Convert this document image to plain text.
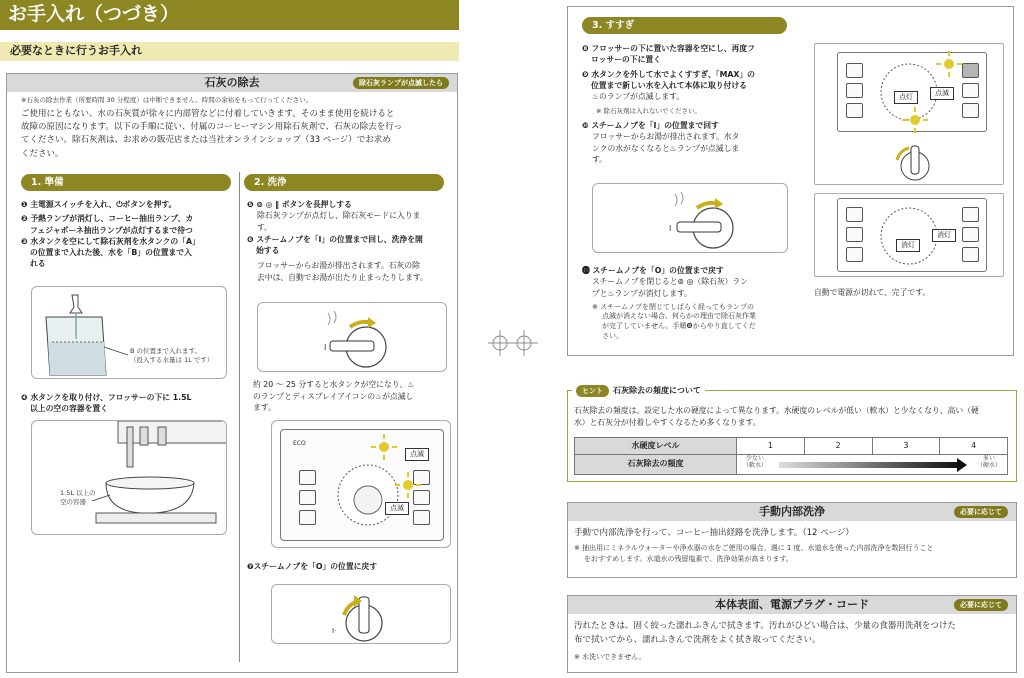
お手入れ（つづき）
必要なときに行うお手入れ
石灰の除去	除石灰ランプが点滅したら
※石灰の除去作業（所要時間 30 分程度）は中断できません。時間の余裕をもって行ってください。
ご使用にともない、水の石灰質が徐々に内部管などに付着していきます。そのまま使用を続けると
故障の原因になります。以下の手順に従い、付属のコーヒーマシン用除石灰剤で、石灰の除去を行っ
てください。除石灰剤は、お求めの販売店または当社オンラインショップ（33 ページ）でお求め
ください。
1. 準備
❶ 主電源スイッチを入れ、⏻ボタンを押す。
❷ 予熱ランプが消灯し、コーヒー抽出ランプ、カ
フェジャポーネ抽出ランプが点灯するまで待つ
❸ 水タンクを空にして除石灰剤を水タンクの「A」
の位置まで入れた後、水を「B」の位置まで入
れる
B の位置まで入れます。
（投入する水量は 1L です）
❹ 水タンクを取り付け、フロッサーの下に 1.5L
以上の空の容器を置く
1.5L 以上の
空の容器
2. 洗浄
❺ ⊚ ◎ ‖ ボタンを長押しする
除石灰ランプが点灯し、除石灰モードに入りま
す。
❻ スチームノブを「I」の位置まで回し、洗浄を開
始する
フロッサーからお湯が排出されます。石灰の除
去中は、自動でお湯が出たり止まったりします。
I
約 20 ～ 25 分すると水タンクが空になり、♨
のランプとディスプレイアイコンの♨が点滅し
ます。
ECO
点滅
点滅
❼スチームノブを「O」の位置に戻す
I·
3. すすぎ
❽ フロッサーの下に置いた容器を空にし、再度フ
ロッサーの下に置く
❾ 水タンクを外して水でよくすすぎ、「MAX」の
位置まで新しい水を入れて本体に取り付ける
♨のランプが点滅します。
※ 除石灰剤は入れないでください。
❿ スチームノブを「I」の位置まで回す
フロッサーからお湯が排出されます。水タ
ンクの水がなくなると♨ランプが点滅しま
す。
I
⓫ スチームノブを「O」の位置まで戻す
スチームノブを閉じると⊚ ◎（除石灰）ラン
プと♨ランプが消灯します。
※ スチームノブを閉じてしばらく経ってもランプの
点滅が消えない場合、何らかの理由で除石灰作業
が完了していません。手順❽からやり直してくだ
さい。
点灯	点滅
消灯
消灯
自動で電源が切れて、完了です。
ヒント	石灰除去の頻度について
石灰除去の頻度は、設定した水の硬度によって異なります。水硬度のレベルが低い（軟水）と少なくなり、高い（硬
水）と石灰分が付着しやすくなるため多くなります。
水硬度レベル	1	2	3	4
石灰除去の頻度	少ない
（軟水）
多い
（硬水）			
手動内部洗浄	必要に応じて
手動で内部洗浄を行って、コーヒー抽出経路を洗浄します。（12 ページ）
※ 抽出用にミネラルウォーターや浄水器の水をご使用の場合、週に 1 度、水道水を使った内部洗浄を数回行うこと
をおすすめします。水道水の残留塩素で、洗浄効果が高まります。
本体表面、電源プラグ・コード	必要に応じて
汚れたときは、固く絞った濡れふきんで拭きます。汚れがひどい場合は、少量の食器用洗剤をつけた
布で拭いてから、濡れふきんで洗剤をよく拭き取ってください。
※ 水洗いできません。
